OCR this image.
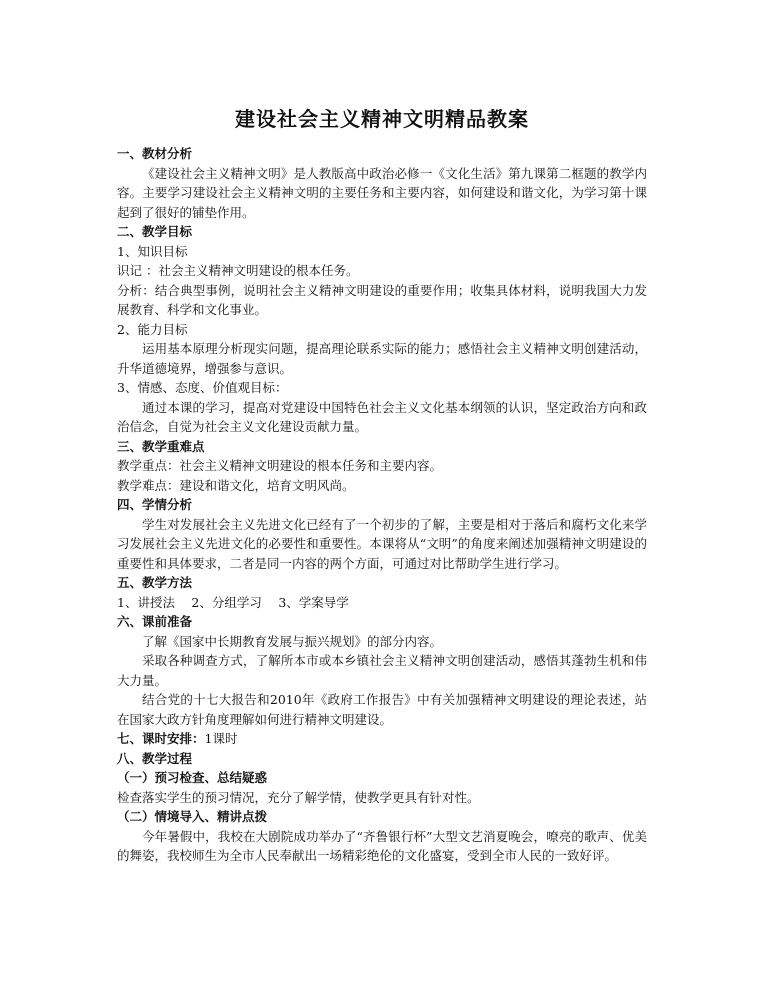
建设社会主义精神文明精品教案

一、教材分析

《建设社会主义精神文明》是人教版高中政治必修一《文化生活》第九课第二框题的教学内容。主要学习建设社会主义精神文明的主要任务和主要内容，如何建设和谐文化，为学习第十课起到了很好的铺垫作用。

二、教学目标

1、知识目标

识记 ：社会主义精神文明建设的根本任务。

分析：结合典型事例，说明社会主义精神文明建设的重要作用；收集具体材料，说明我国大力发展教育、科学和文化事业。

2、能力目标

运用基本原理分析现实问题，提高理论联系实际的能力；感悟社会主义精神文明创建活动，升华道德境界，增强参与意识。

3、情感、态度、价值观目标：

通过本课的学习，提高对党建设中国特色社会主义文化基本纲领的认识，坚定政治方向和政治信念，自觉为社会主义文化建设贡献力量。

三、教学重难点

教学重点：社会主义精神文明建设的根本任务和主要内容。

教学难点：建设和谐文化，培育文明风尚。

四、学情分析

学生对发展社会主义先进文化已经有了一个初步的了解，主要是相对于落后和腐朽文化来学习发展社会主义先进文化的必要性和重要性。本课将从“文明”的角度来阐述加强精神文明建设的重要性和具体要求，二者是同一内容的两个方面，可通过对比帮助学生进行学习。

五、教学方法

1、讲授法　 2、分组学习　 3、学案导学

六、课前准备

了解《国家中长期教育发展与振兴规划》的部分内容。

采取各种调查方式，了解所本市或本乡镇社会主义精神文明创建活动，感悟其蓬勃生机和伟大力量。

结合党的十七大报告和2010年《政府工作报告》中有关加强精神文明建设的理论表述，站在国家大政方针角度理解如何进行精神文明建设。

七、课时安排：1课时

八、教学过程

（一）预习检查、总结疑惑

检查落实学生的预习情况，充分了解学情，使教学更具有针对性。

（二）情境导入、精讲点拨

今年暑假中，我校在大剧院成功举办了“齐鲁银行杯”大型文艺消夏晚会，嘹亮的歌声、优美的舞姿，我校师生为全市人民奉献出一场精彩绝伦的文化盛宴，受到全市人民的一致好评。
